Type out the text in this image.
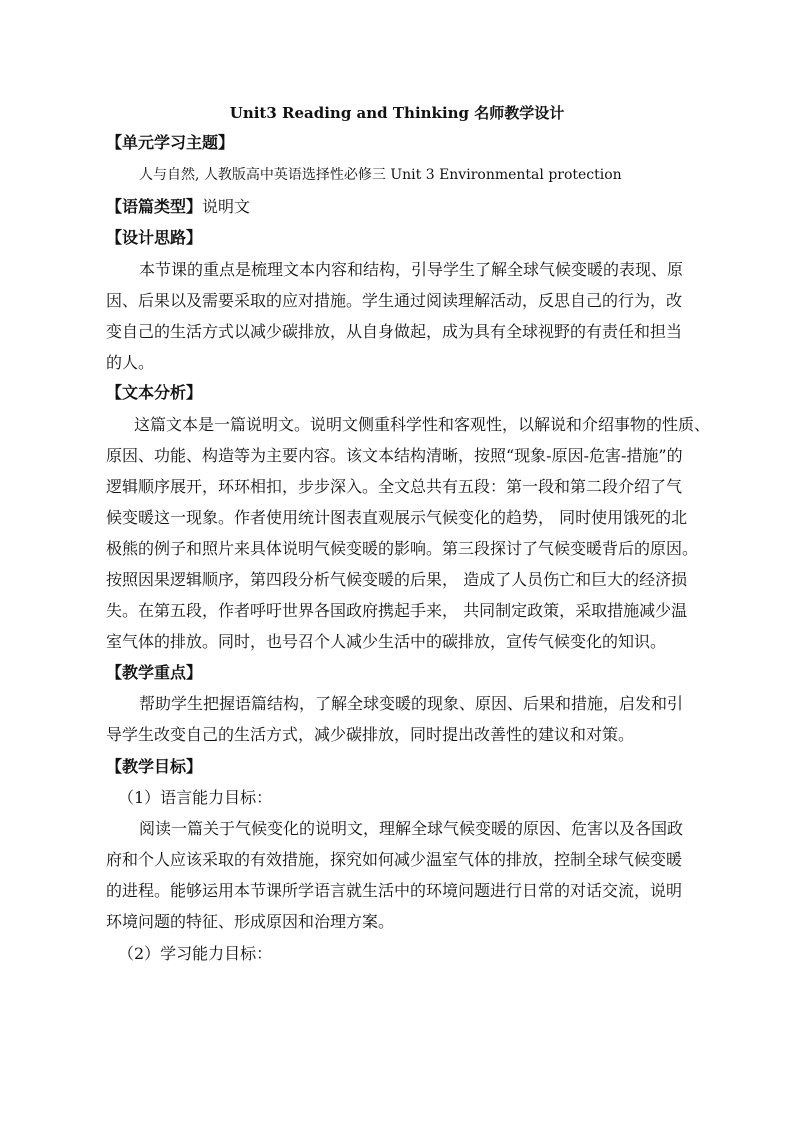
Unit3 Reading and Thinking 名师教学设计
【单元学习主题】
人与自然, 人教版高中英语选择性必修三 Unit 3 Environmental protection
【语篇类型】说明文
【设计思路】
本节课的重点是梳理文本内容和结构，引导学生了解全球气候变暖的表现、原
因、后果以及需要采取的应对措施。学生通过阅读理解活动，反思自己的行为，改
变自己的生活方式以减少碳排放，从自身做起，成为具有全球视野的有责任和担当
的人。
【文本分析】
这篇文本是一篇说明文。说明文侧重科学性和客观性，以解说和介绍事物的性质、
原因、功能、构造等为主要内容。该文本结构清晰，按照“现象-原因-危害-措施”的
逻辑顺序展开，环环相扣，步步深入。全文总共有五段：第一段和第二段介绍了气
候变暖这一现象。作者使用统计图表直观展示气候变化的趋势， 同时使用饿死的北
极熊的例子和照片来具体说明气候变暖的影响。第三段探讨了气候变暖背后的原因。
按照因果逻辑顺序，第四段分析气候变暖的后果， 造成了人员伤亡和巨大的经济损
失。在第五段，作者呼吁世界各国政府携起手来， 共同制定政策，采取措施减少温
室气体的排放。同时，也号召个人减少生活中的碳排放，宣传气候变化的知识。
【教学重点】
帮助学生把握语篇结构，了解全球变暖的现象、原因、后果和措施，启发和引
导学生改变自己的生活方式，减少碳排放，同时提出改善性的建议和对策。
【教学目标】
（1）语言能力目标：
阅读一篇关于气候变化的说明文，理解全球气候变暖的原因、危害以及各国政
府和个人应该采取的有效措施，探究如何减少温室气体的排放，控制全球气候变暖
的进程。能够运用本节课所学语言就生活中的环境问题进行日常的对话交流，说明
环境问题的特征、形成原因和治理方案。
（2）学习能力目标：
